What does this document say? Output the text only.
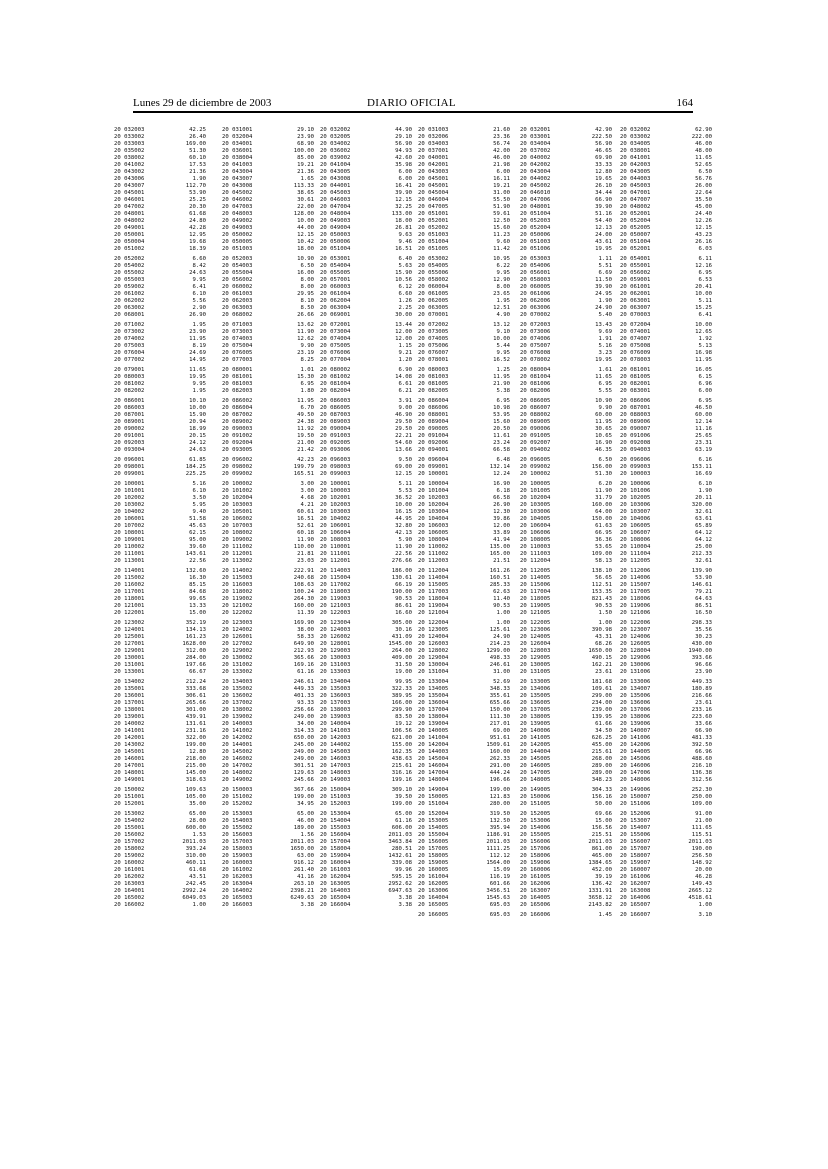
Lunes 29 de diciembre de 2003	DIARIO OFICIAL	164
20 032003	42.25
20 033002	26.40
20 033003	169.00
20 035002	51.30
20 038002	60.10
20 041002	17.53
20 043002	21.36
20 043006	1.90
20 043007	112.70
20 045001	53.90
20 046001	25.25
20 047002	20.30
20 048001	61.68
20 048002	24.80
20 049001	42.28
20 050001	12.95
20 050004	19.68
20 051002	18.39
20 052002	6.60
20 054002	8.42
20 055002	24.63
20 055003	9.95
20 059002	6.41
20 061002	6.10
20 062002	5.56
20 063002	2.90
20 068001	26.90
20 071002	1.95
20 073002	23.90
20 074002	11.95
20 075003	8.19
20 076004	24.69
20 077002	14.95
20 079001	11.65
20 080003	19.95
20 081002	9.95
20 082002	1.95
20 086001	10.10
20 086003	10.00
20 087001	15.90
20 089001	20.94
20 090002	18.99
20 091001	20.15
20 092003	24.12
20 093004	24.63
20 096001	61.85
20 098001	184.25
20 099001	225.25
20 100001	5.16
20 101001	6.10
20 102002	3.50
20 103002	5.95
20 104002	9.40
20 106001	51.58
20 107002	45.63
20 108001	62.15
20 109001	95.00
20 110002	39.60
20 111001	143.61
20 113001	22.56
20 114001	132.60
20 115002	16.30
20 116002	85.15
20 117001	84.68
20 118001	99.65
20 121001	13.33
20 122001	15.00
20 123002	352.19
20 124001	134.13
20 125001	161.23
20 127001	1628.00
20 129001	312.00
20 130001	284.00
20 131001	197.66
20 133001	66.67
20 134002	212.24
20 135001	333.68
20 136001	306.61
20 137001	265.66
20 138001	301.00
20 139001	439.91
20 140002	131.61
20 141001	231.16
20 142001	322.00
20 143002	199.00
20 145001	12.80
20 146001	218.00
20 147001	215.00
20 148001	145.00
20 149001	318.63
20 150002	109.63
20 151001	105.00
20 152001	35.00
20 153002	65.00
20 154002	28.00
20 155001	600.00
20 156002	1.53
20 157002	2011.03
20 158002	393.24
20 159002	310.00
20 160002	460.11
20 161001	61.68
20 162002	43.51
20 163003	242.45
20 164001	2992.24
20 165002	6049.03
20 166002	1.00
20 031001	29.10
20 032004	23.90
20 034001	68.90
20 036001	100.00
20 038004	85.00
20 041003	19.21
20 043004	21.36
20 043007	1.65
20 043008	113.33
20 045002	38.65
20 046002	30.61
20 047003	22.00
20 048003	128.00
20 049002	10.00
20 049003	44.00
20 050002	12.15
20 050005	10.42
20 051003	18.00
20 052003	10.90
20 054003	6.50
20 055004	16.00
20 056002	8.00
20 060002	8.00
20 061003	29.95
20 062003	8.10
20 063003	8.50
20 068002	26.66
20 071003	13.62
20 073003	11.90
20 074003	12.62
20 075004	9.90
20 076005	23.19
20 077003	8.25
20 080001	1.01
20 081001	15.30
20 081003	6.95
20 082003	1.80
20 086002	11.95
20 086004	6.70
20 087002	49.50
20 089002	24.38
20 090003	11.92
20 091002	19.50
20 092004	21.00
20 093005	21.42
20 096002	42.23
20 098002	199.79
20 099002	165.51
20 100002	3.00
20 101002	3.00
20 102004	4.68
20 103003	4.21
20 105001	60.61
20 106002	16.51
20 107003	52.61
20 108002	60.18
20 109002	11.90
20 111002	110.00
20 112001	21.81
20 113002	23.03
20 114002	222.91
20 115003	240.68
20 116003	108.63
20 118002	100.24
20 119002	264.30
20 121002	160.00
20 122002	11.39
20 123003	169.90
20 124002	38.00
20 126001	58.33
20 127002	649.90
20 129002	212.93
20 130002	365.66
20 131002	169.16
20 133002	61.16
20 134003	246.61
20 135002	449.33
20 136002	401.33
20 137002	93.33
20 138002	256.66
20 139002	249.00
20 140003	34.00
20 141002	314.33
20 142002	650.00
20 144001	245.00
20 145002	249.00
20 146002	249.00
20 147002	301.51
20 148002	129.63
20 149002	245.66
20 150003	367.66
20 151002	199.00
20 152002	34.95
20 153003	65.00
20 154003	46.00
20 155002	189.00
20 156003	1.56
20 157003	2011.03
20 158003	1650.00
20 159003	63.00
20 160003	916.12
20 161002	261.40
20 162003	41.16
20 163004	263.10
20 164002	2398.21
20 165003	6249.63
20 166003	3.38
20 032002	44.90
20 032005	29.10
20 034002	56.90
20 036002	94.93
20 039002	42.60
20 041004	35.98
20 043005	6.00
20 043008	6.00
20 044001	16.41
20 045003	39.90
20 046003	12.15
20 047004	32.25
20 048004	133.00
20 049003	18.00
20 049004	26.81
20 050003	9.63
20 050006	9.46
20 051004	16.51
20 053001	6.40
20 054004	5.63
20 055005	15.90
20 057001	10.56
20 060003	6.12
20 061004	6.60
20 062004	1.26
20 063004	2.25
20 069001	30.00
20 072001	13.44
20 073004	12.00
20 074004	12.00
20 075005	1.15
20 076006	9.21
20 077004	1.20
20 080002	6.90
20 081002	14.08
20 081004	6.61
20 082004	6.21
20 086003	3.91
20 086005	9.00
20 087003	46.90
20 089003	29.50
20 090004	29.50
20 091003	22.21
20 092005	54.60
20 093006	13.66
20 096003	9.50
20 098003	69.00
20 099003	12.15
20 100001	5.11
20 100003	5.53
20 102001	36.52
20 102003	10.00
20 103003	16.15
20 104002	44.95
20 106001	32.80
20 106004	42.13
20 108003	5.90
20 110001	11.90
20 111001	22.56
20 112001	276.66
20 114003	186.00
20 115004	130.61
20 117002	66.19
20 118003	190.00
20 119003	90.53
20 121003	86.61
20 122003	16.60
20 123004	305.00
20 124003	30.16
20 126002	431.09
20 128001	1545.00
20 129003	264.00
20 130003	409.00
20 131003	31.50
20 133003	19.00
20 134004	99.95
20 135003	322.33
20 136003	389.95
20 137003	166.00
20 138003	299.90
20 139003	83.50
20 140004	19.12
20 141003	106.56
20 142003	621.00
20 144002	155.00
20 145003	162.35
20 146003	438.63
20 147003	215.61
20 148003	316.16
20 149003	199.16
20 150004	309.10
20 151003	39.50
20 152003	199.00
20 153004	65.00
20 154004	61.16
20 155003	606.00
20 156004	2011.03
20 157004	3463.84
20 158004	280.51
20 159004	1432.61
20 160004	339.08
20 161003	99.96
20 162004	595.15
20 163005	2952.62
20 164003	6947.63
20 165004	3.38
20 166004	3.38
20 031003	21.60
20 032006	23.36
20 034003	56.74
20 037001	42.00
20 040001	46.00
20 042001	21.98
20 043003	6.00
20 045001	16.11
20 045001	19.21
20 045004	31.00
20 046004	55.50
20 047005	51.90
20 051001	59.61
20 052001	12.50
20 052002	15.60
20 051003	11.23
20 051004	9.60
20 051005	11.42
20 053002	10.95
20 054005	6.22
20 055006	9.95
20 058002	12.90
20 060004	8.00
20 061005	23.65
20 062005	1.95
20 063005	12.51
20 070001	4.90
20 072002	13.12
20 073005	9.10
20 074005	10.00
20 075006	5.44
20 076007	9.95
20 078001	16.52
20 080003	1.25
20 081003	11.95
20 081005	21.90
20 082005	5.38
20 086004	6.95
20 086006	10.98
20 088001	53.95
20 089004	15.60
20 090005	20.50
20 091004	11.61
20 092006	23.24
20 094001	66.58
20 096004	6.48
20 099001	132.14
20 100001	12.24
20 100004	16.90
20 101004	6.18
20 102003	66.58
20 102004	26.90
20 103004	12.30
20 104004	39.86
20 106003	12.00
20 106005	33.89
20 108004	41.94
20 110002	135.00
20 111002	165.00
20 112003	21.51
20 112004	161.26
20 114004	160.51
20 115005	285.33
20 117003	62.63
20 118004	11.40
20 119004	90.53
20 121004	1.00
20 122004	1.00
20 123005	125.61
20 124004	24.90
20 126003	214.23
20 128002	1299.00
20 129004	498.33
20 130004	246.61
20 131004	31.00
20 133004	52.69
20 134005	348.33
20 135004	355.61
20 136004	655.66
20 137004	150.00
20 138004	111.30
20 139004	217.01
20 140005	69.00
20 141004	951.61
20 142004	1509.61
20 144003	160.00
20 145004	262.33
20 146004	291.00
20 147004	444.24
20 148004	196.66
20 149004	199.00
20 150005	121.83
20 151004	280.00
20 152004	319.50
20 153005	132.50
20 154005	395.94
20 155004	1186.91
20 156005	2011.03
20 157005	1111.25
20 158005	112.12
20 159005	1564.00
20 160005	15.09
20 161004	116.19
20 162005	601.66
20 163006	3456.51
20 164004	1545.63
20 165005	695.03
20 166005	695.03
20 032001	42.90
20 033001	222.50
20 034004	56.90
20 037002	46.65
20 040002	69.90
20 042002	33.33
20 043004	12.80
20 044002	19.65
20 045002	26.10
20 046010	34.44
20 047006	66.90
20 048001	39.90
20 051004	51.16
20 052003	54.40
20 052004	12.13
20 050006	24.00
20 051003	43.61
20 051006	19.95
20 053003	1.11
20 054006	5.51
20 056001	6.69
20 058003	11.50
20 060005	39.90
20 061006	24.95
20 062006	1.90
20 063006	24.90
20 070002	5.40
20 072003	13.43
20 073006	9.69
20 074006	1.91
20 075007	5.16
20 076008	3.23
20 078002	19.95
20 080004	1.61
20 081004	11.65
20 081006	6.95
20 082006	5.55
20 086005	10.90
20 086007	9.90
20 088002	60.00
20 089005	11.95
20 090006	30.65
20 091005	10.65
20 092007	16.90
20 094002	46.35
20 096005	6.50
20 099002	156.00
20 100002	51.30
20 100005	6.20
20 101005	11.90
20 102004	31.79
20 103005	160.00
20 103006	64.00
20 104005	150.00
20 106004	61.63
20 106006	66.95
20 108005	36.36
20 110003	53.65
20 111003	109.00
20 112004	58.13
20 112005	138.10
20 114005	56.65
20 115006	112.51
20 117004	153.35
20 118005	821.43
20 119005	90.53
20 121005	1.50
20 122005	1.00
20 123006	390.98
20 124005	43.31
20 126004	68.26
20 128003	1650.00
20 129005	490.15
20 130005	162.21
20 131005	23.61
20 133005	181.68
20 134006	109.61
20 135005	299.00
20 136005	234.00
20 137005	239.00
20 138005	139.95
20 139005	61.66
20 140006	34.50
20 141005	626.25
20 142005	455.00
20 144004	215.61
20 145005	268.00
20 146005	289.00
20 147005	289.00
20 148005	348.23
20 149005	304.33
20 150006	156.16
20 151005	50.00
20 152005	69.66
20 153006	15.00
20 154006	156.56
20 155005	215.51
20 156006	2011.03
20 157006	861.00
20 158006	465.00
20 159006	1384.65
20 160006	452.00
20 161005	39.19
20 162006	136.42
20 163007	1331.91
20 164005	3658.12
20 165006	2143.82
20 166006	1.45
20 032002	62.90
20 033002	222.00
20 034005	46.00
20 038001	48.00
20 041001	11.65
20 042003	52.65
20 043005	6.50
20 044003	56.76
20 045003	26.00
20 047001	22.64
20 047007	35.50
20 048002	45.00
20 052001	24.40
20 052004	12.26
20 052005	12.15
20 050007	43.23
20 051004	26.16
20 052001	6.03
20 054001	6.11
20 055001	12.16
20 056002	6.95
20 059001	6.53
20 061001	20.41
20 062001	10.00
20 063001	5.11
20 063007	15.25
20 070003	6.41
20 072004	10.00
20 074001	12.65
20 074007	1.92
20 075008	5.13
20 076009	16.98
20 078003	11.95
20 081001	16.05
20 081005	6.15
20 082001	6.96
20 083001	6.00
20 086006	6.95
20 087001	46.50
20 088003	60.00
20 089006	12.14
20 090007	11.16
20 091006	25.65
20 092008	23.31
20 094003	63.19
20 096006	6.16
20 099003	153.11
20 100003	16.69
20 100006	6.10
20 101006	1.90
20 102005	20.11
20 103006	320.00
20 103007	32.61
20 104006	63.61
20 106005	65.89
20 106007	64.12
20 108006	64.12
20 110004	25.00
20 111004	212.33
20 112005	32.61
20 112006	139.90
20 114006	53.90
20 115007	146.61
20 117005	79.21
20 118006	64.63
20 119006	86.51
20 121006	16.50
20 122006	298.33
20 123007	35.56
20 124006	30.23
20 126005	430.00
20 128004	1940.00
20 129006	393.66
20 130006	96.66
20 131006	23.90
20 133006	449.33
20 134007	180.89
20 135006	216.66
20 136006	23.61
20 137006	233.16
20 138006	223.60
20 139006	33.66
20 140007	66.90
20 141006	481.33
20 142006	392.50
20 144005	66.96
20 145006	488.60
20 146006	216.10
20 147006	136.38
20 148006	312.56
20 149006	252.30
20 150007	250.00
20 151006	109.00
20 152006	91.00
20 153007	21.00
20 154007	111.65
20 155006	115.51
20 156007	2011.03
20 157007	190.00
20 158007	256.50
20 159007	148.92
20 160007	20.00
20 161006	46.28
20 162007	149.43
20 163008	2665.12
20 164006	4518.61
20 165007	1.00
20 166007	3.10
